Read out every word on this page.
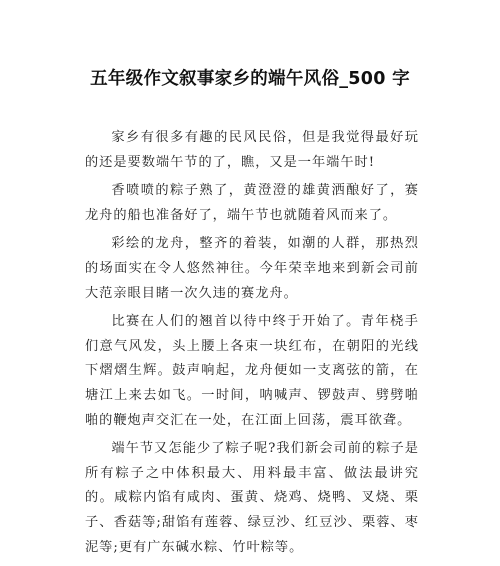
五年级作文叙事家乡的端午风俗_500 字

家乡有很多有趣的民风民俗，但是我觉得最好玩的还是要数端午节的了，瞧，又是一年端午时!

香喷喷的粽子熟了，黄澄澄的雄黄洒酿好了，赛龙舟的船也准备好了，端午节也就随着风而来了。

彩绘的龙舟，整齐的着装，如潮的人群，那热烈的场面实在令人悠然神往。今年荣幸地来到新会司前大范亲眼目睹一次久违的赛龙舟。

比赛在人们的翘首以待中终于开始了。青年桡手们意气风发，头上腰上各束一块红布，在朝阳的光线下熠熠生辉。鼓声响起，龙舟便如一支离弦的箭，在塘江上来去如飞。一时间，呐喊声、锣鼓声、劈劈啪啪的鞭炮声交汇在一处，在江面上回荡，震耳欲聋。

端午节又怎能少了粽子呢?我们新会司前的粽子是所有粽子之中体积最大、用料最丰富、做法最讲究的。咸粽内馅有咸肉、蛋黄、烧鸡、烧鸭、叉烧、栗子、香菇等;甜馅有莲蓉、绿豆沙、红豆沙、栗蓉、枣泥等;更有广东碱水粽、竹叶粽等。
